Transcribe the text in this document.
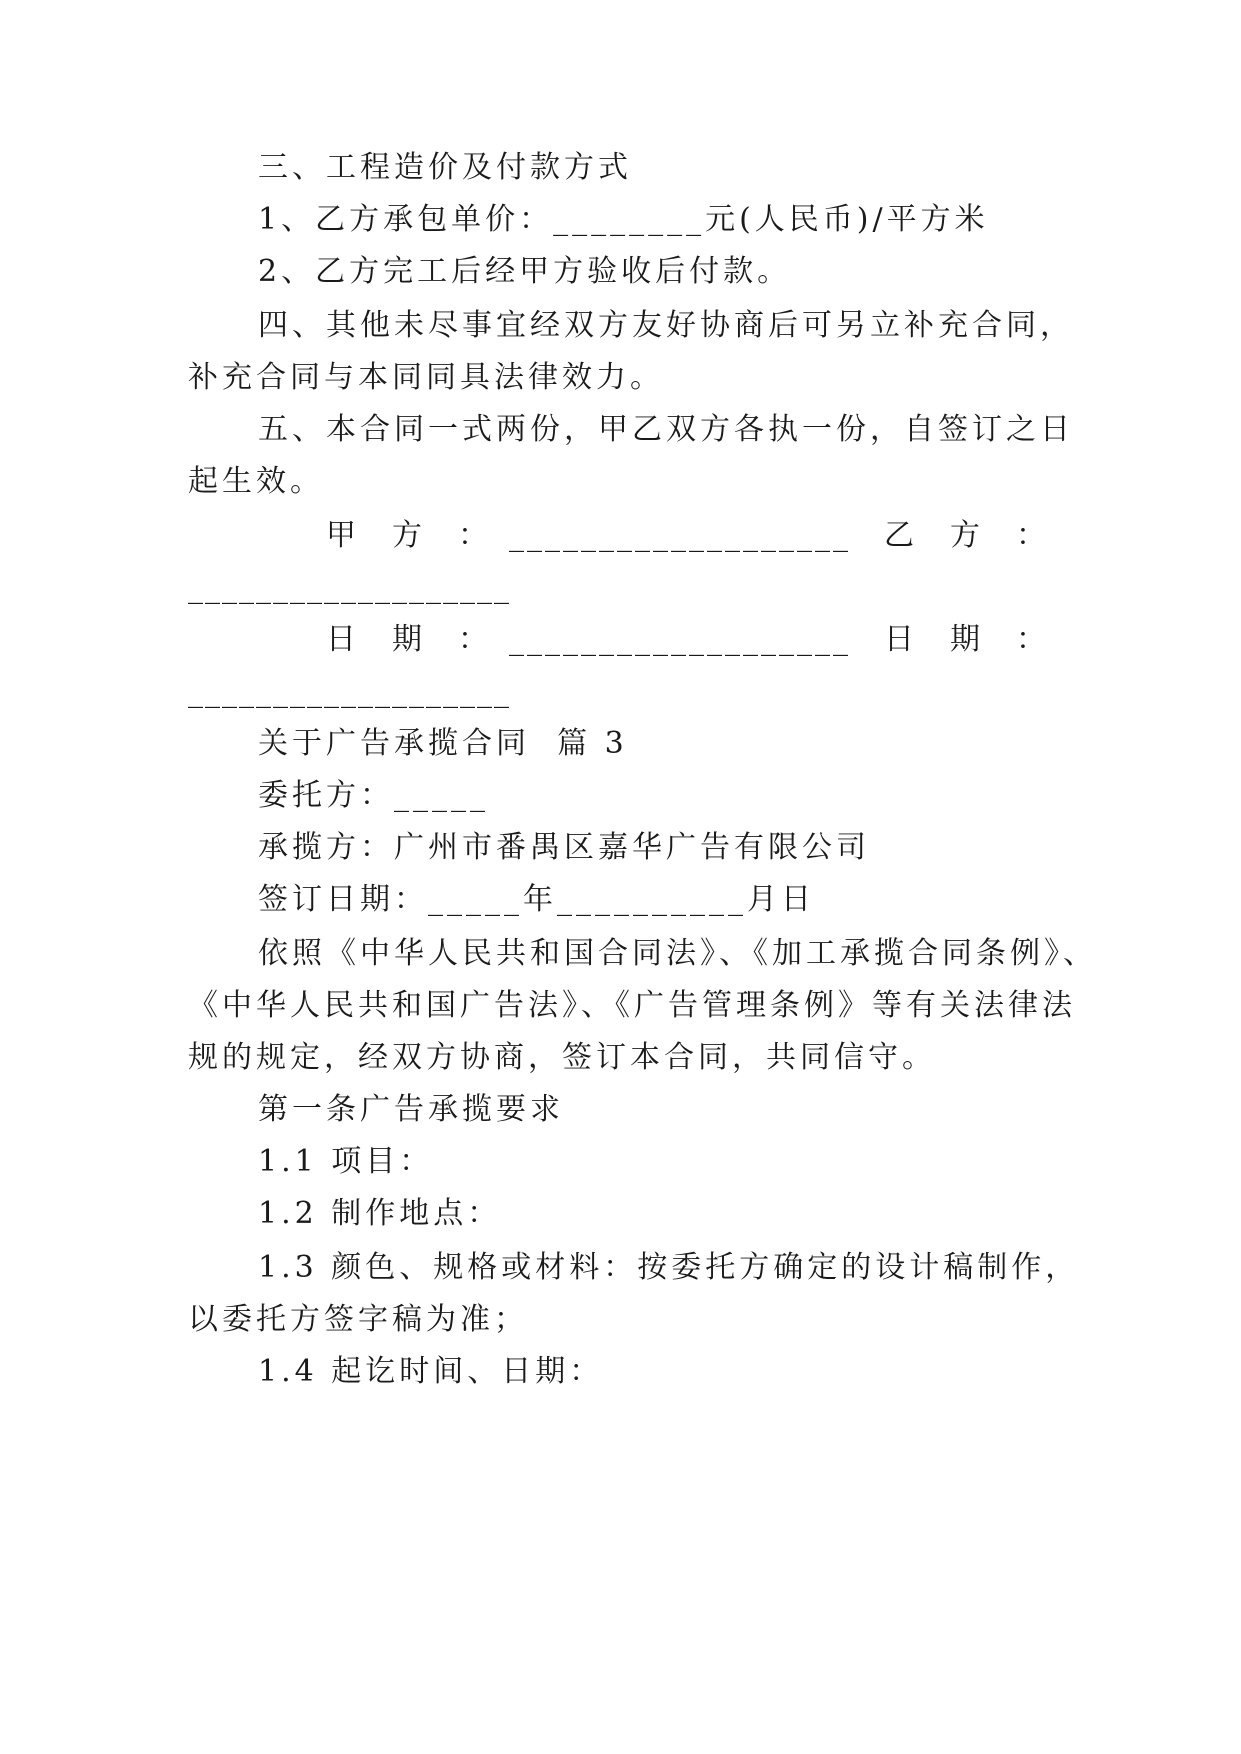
三、工程造价及付款方式
1、乙方承包单价：________元(人民币)/平方米
2、乙方完工后经甲方验收后付款。
四、其他未尽事宜经双方友好协商后可另立补充合同，
补充合同与本同同具法律效力。
五、本合同一式两份，甲乙双方各执一份，自签订之日
起生效。
甲　方　：　___________________　乙　方　：
___________________
日　期　：　___________________　日　期　：
___________________
关于广告承揽合同  篇 3
委托方：_____
承揽方：广州市番禺区嘉华广告有限公司
签订日期：_____年__________月日
依照《中华人民共和国合同法》、《加工承揽合同条例》、
《中华人民共和国广告法》、《广告管理条例》等有关法律法
规的规定，经双方协商，签订本合同，共同信守。
第一条广告承揽要求
1.1 项目：
1.2 制作地点：
1.3 颜色、规格或材料：按委托方确定的设计稿制作，
以委托方签字稿为准；
1.4 起讫时间、日期：
